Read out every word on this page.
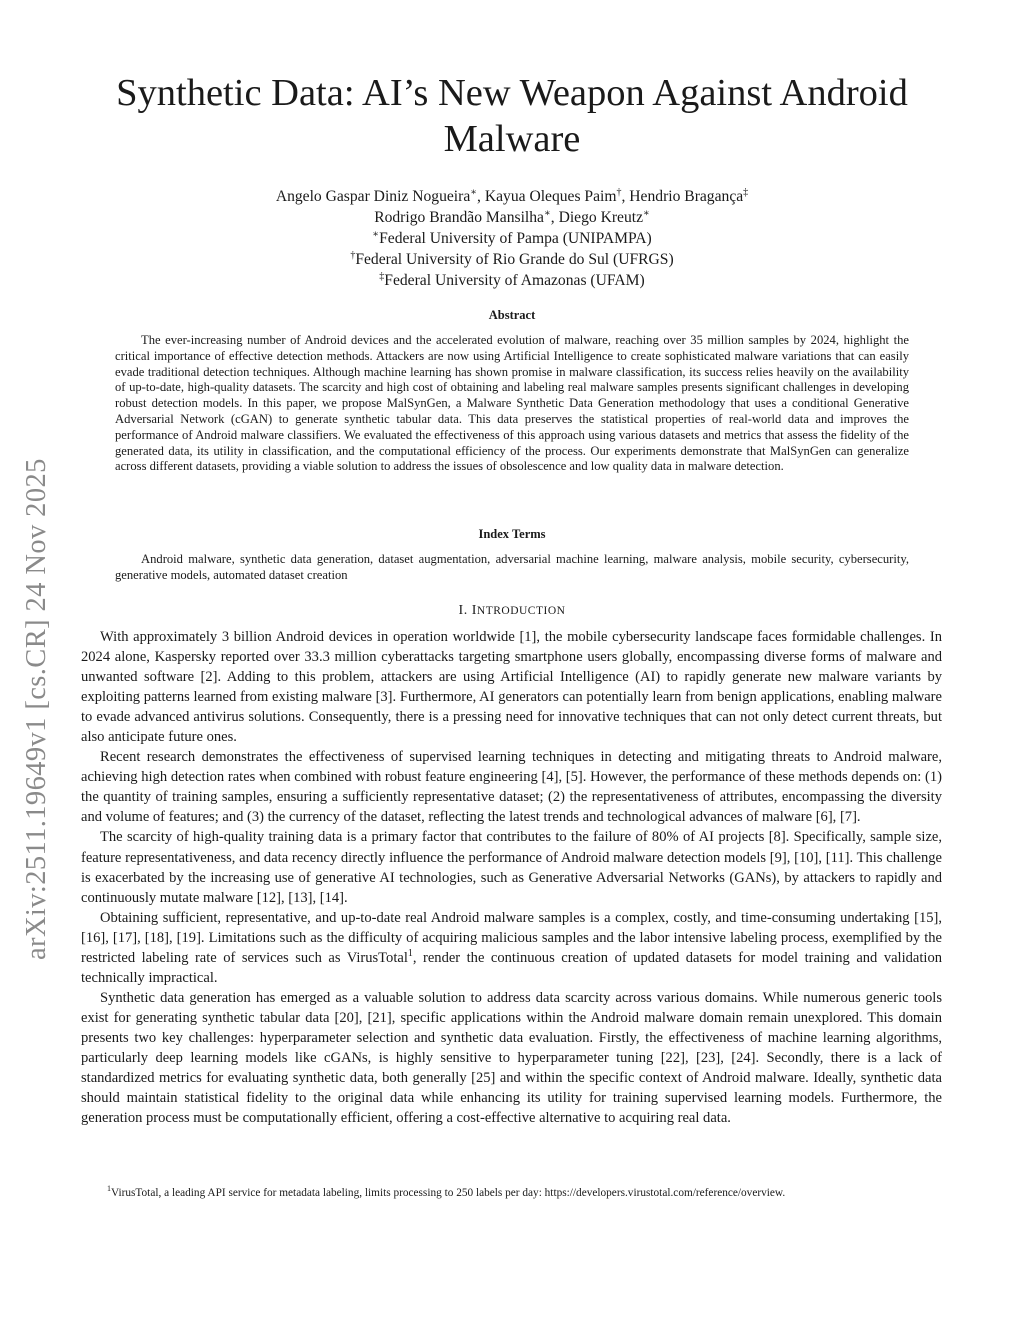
arXiv:2511.19649v1 [cs.CR] 24 Nov 2025
Synthetic Data: AI’s New Weapon Against Android Malware
Angelo Gaspar Diniz Nogueira∗, Kayua Oleques Paim†, Hendrio Bragança‡
Rodrigo Brandão Mansilha∗, Diego Kreutz∗
∗Federal University of Pampa (UNIPAMPA)
†Federal University of Rio Grande do Sul (UFRGS)
‡Federal University of Amazonas (UFAM)
Abstract

The ever-increasing number of Android devices and the accelerated evolution of malware, reaching over 35 million samples by 2024, highlight the critical importance of effective detection methods. Attackers are now using Artificial Intelligence to create sophisticated malware variations that can easily evade traditional detection techniques. Although machine learning has shown promise in malware classification, its success relies heavily on the availability of up-to-date, high-quality datasets. The scarcity and high cost of obtaining and labeling real malware samples presents significant challenges in developing robust detection models. In this paper, we propose MalSynGen, a Malware Synthetic Data Generation methodology that uses a conditional Generative Adversarial Network (cGAN) to generate synthetic tabular data. This data preserves the statistical properties of real-world data and improves the performance of Android malware classifiers. We evaluated the effectiveness of this approach using various datasets and metrics that assess the fidelity of the generated data, its utility in classification, and the computational efficiency of the process. Our experiments demonstrate that MalSynGen can generalize across different datasets, providing a viable solution to address the issues of obsolescence and low quality data in malware detection.

Index Terms

Android malware, synthetic data generation, dataset augmentation, adversarial machine learning, malware analysis, mobile security, cybersecurity, generative models, automated dataset creation

I. INTRODUCTION

With approximately 3 billion Android devices in operation worldwide [1], the mobile cybersecurity landscape faces formidable challenges. In 2024 alone, Kaspersky reported over 33.3 million cyberattacks targeting smartphone users globally, encompassing diverse forms of malware and unwanted software [2]. Adding to this problem, attackers are using Artificial Intelligence (AI) to rapidly generate new malware variants by exploiting patterns learned from existing malware [3]. Furthermore, AI generators can potentially learn from benign applications, enabling malware to evade advanced antivirus solutions. Consequently, there is a pressing need for innovative techniques that can not only detect current threats, but also anticipate future ones.

Recent research demonstrates the effectiveness of supervised learning techniques in detecting and mitigating threats to Android malware, achieving high detection rates when combined with robust feature engineering [4], [5]. However, the performance of these methods depends on: (1) the quantity of training samples, ensuring a sufficiently representative dataset; (2) the representativeness of attributes, encompassing the diversity and volume of features; and (3) the currency of the dataset, reflecting the latest trends and technological advances of malware [6], [7].

The scarcity of high-quality training data is a primary factor that contributes to the failure of 80% of AI projects [8]. Specifically, sample size, feature representativeness, and data recency directly influence the performance of Android malware detection models [9], [10], [11]. This challenge is exacerbated by the increasing use of generative AI technologies, such as Generative Adversarial Networks (GANs), by attackers to rapidly and continuously mutate malware [12], [13], [14].

Obtaining sufficient, representative, and up-to-date real Android malware samples is a complex, costly, and time-consuming undertaking [15], [16], [17], [18], [19]. Limitations such as the difficulty of acquiring malicious samples and the labor intensive labeling process, exemplified by the restricted labeling rate of services such as VirusTotal$^1$, render the continuous creation of updated datasets for model training and validation technically impractical.

Synthetic data generation has emerged as a valuable solution to address data scarcity across various domains. While numerous generic tools exist for generating synthetic tabular data [20], [21], specific applications within the Android malware domain remain unexplored. This domain presents two key challenges: hyperparameter selection and synthetic data evaluation. Firstly, the effectiveness of machine learning algorithms, particularly deep learning models like cGANs, is highly sensitive to hyperparameter tuning [22], [23], [24]. Secondly, there is a lack of standardized metrics for evaluating synthetic data, both generally [25] and within the specific context of Android malware. Ideally, synthetic data should maintain statistical fidelity to the original data while enhancing its utility for training supervised learning models. Furthermore, the generation process must be computationally efficient, offering a cost-effective alternative to acquiring real data.

$^1$VirusTotal, a leading API service for metadata labeling, limits processing to 250 labels per day: https://developers.virustotal.com/reference/overview.
